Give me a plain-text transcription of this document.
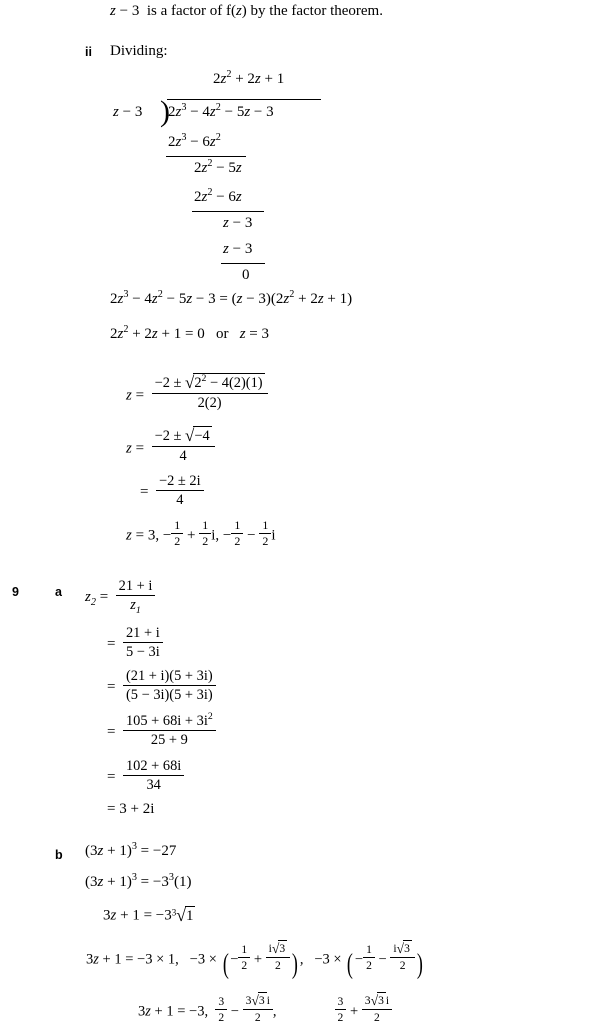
z − 3  is a factor of f(z) by the factor theorem.
ii Dividing:
$2z^2 + 2z + 1$
z − 3 )
$2z^3 - 4z^2 - 5z - 3$
$2z^3 - 6z^2$
$2z^2 - 5z$
$2z^2 - 6z$
z − 3
z − 3
0
$2z^3 - 4z^2 - 5z - 3 = (z - 3)(2z^2 + 2z + 1)$
$2z^2 + 2z + 1 = 0$ or z = 3
$z = \frac{-2 \pm √2^2 - 4(2)(1)}{2(2)}$
$z = \frac{-2 \pm √-4}{4}$
= $\frac{-2 \pm 2i}{4}$
z = 3, − $\frac{1}{2} + \frac{1}{2} i$, − $\frac{1}{2} - \frac{1}{2}$ i
9	a $z_2 = \frac{21 + i}{z_1}$
= $\frac{21 + i}{5 - 3i}$
= $\frac{(21 + i)(5 + 3i)}{(5 - 3i)(5 + 3i)}$
= $\frac{105 + 68i + 3i^2}{25 + 9}$
= $\frac{102 + 68i}{34}$
= 3 + 2i
b $(3z + 1)^3 = -27$
$(3z + 1)^3 = -3^3(1)$
$3z + 1 = -3^3√1$
3z + 1 = −3 × 1,   −3 × ( − $\frac{1}{2} + \frac{i√3}{2}$ ) ,   −3 × ( − $\frac{1}{2} - \frac{i√3}{2}$ )
3z + 1 = −3, $\frac{3}{2} - \frac{3√3 i}{2}$ , $\frac{3}{2} + \frac{3√3 i}{2}$
